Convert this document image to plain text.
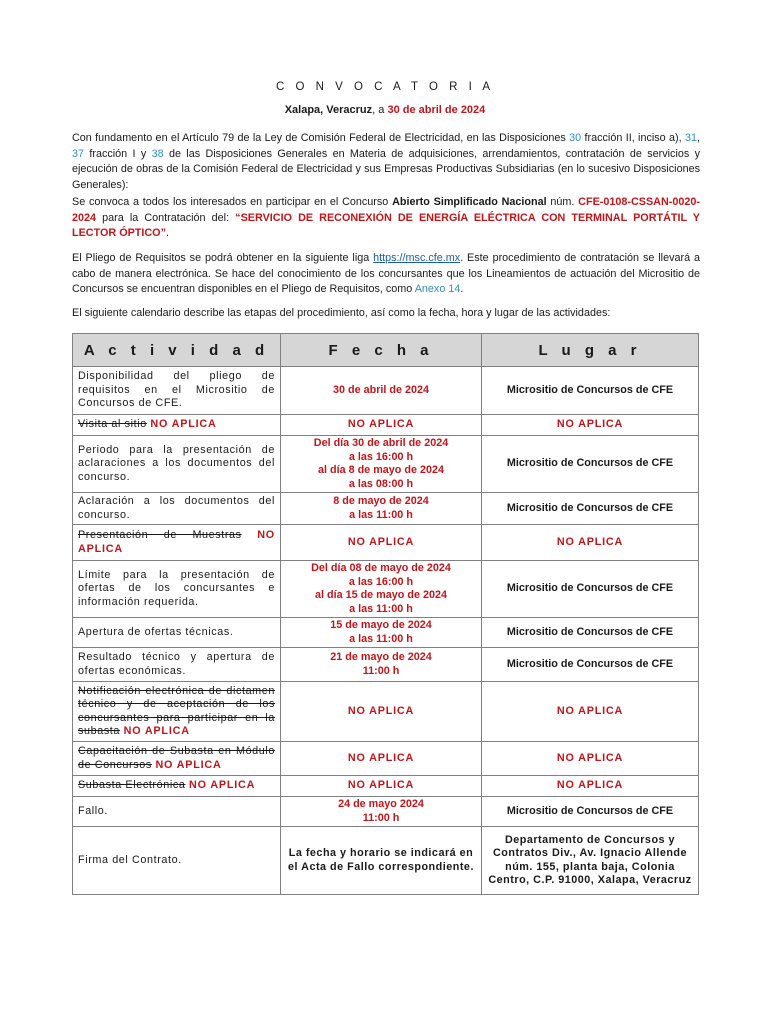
C O N V O C A T O R I A
Xalapa, Veracruz, a 30 de abril de 2024
Con fundamento en el Artículo 79 de la Ley de Comisión Federal de Electricidad, en las Disposiciones 30 fracción II, inciso a), 31, 37 fracción I y 38 de las Disposiciones Generales en Materia de adquisiciones, arrendamientos, contratación de servicios y ejecución de obras de la Comisión Federal de Electricidad y sus Empresas Productivas Subsidiarias (en lo sucesivo Disposiciones Generales):
Se convoca a todos los interesados en participar en el Concurso Abierto Simplificado Nacional núm. CFE-0108-CSSAN-0020-2024 para la Contratación del: “SERVICIO DE RECONEXIÓN DE ENERGÍA ELÉCTRICA CON TERMINAL PORTÁTIL Y LECTOR ÓPTICO”.
El Pliego de Requisitos se podrá obtener en la siguiente liga https://msc.cfe.mx. Este procedimiento de contratación se llevará a cabo de manera electrónica. Se hace del conocimiento de los concursantes que los Lineamientos de actuación del Micrositio de Concursos se encuentran disponibles en el Pliego de Requisitos, como Anexo 14.
El siguiente calendario describe las etapas del procedimiento, así como la fecha, hora y lugar de las actividades:
A c t i v i d a d	F e c h a	L u g a r
Disponibilidad del pliego de requisitos en el Micrositio de Concursos de CFE.	30 de abril de 2024	Micrositio de Concursos de CFE
Visita al sitio NO APLICA	NO APLICA	NO APLICA
Periodo para la presentación de aclaraciones a los documentos del concurso.	Del día 30 de abril de 2024
a las 16:00 h
al día 8 de mayo de 2024
a las 08:00 h	Micrositio de Concursos de CFE
Aclaración a los documentos del concurso.	8 de mayo de 2024
a las 11:00 h	Micrositio de Concursos de CFE
Presentación de Muestras NO APLICA	NO APLICA	NO APLICA
Límite para la presentación de ofertas de los concursantes e información requerida.	Del día 08 de mayo de 2024
a las 16:00 h
al día 15 de mayo de 2024
a las 11:00 h	Micrositio de Concursos de CFE
Apertura de ofertas técnicas.	15 de mayo de 2024
a las 11:00 h	Micrositio de Concursos de CFE
Resultado técnico y apertura de ofertas económicas.	21 de mayo de 2024
11:00 h	Micrositio de Concursos de CFE
Notificación electrónica de dictamen técnico y de aceptación de los concursantes para participar en la subasta NO APLICA	NO APLICA	NO APLICA
Capacitación de Subasta en Módulo de Concursos NO APLICA	NO APLICA	NO APLICA
Subasta Electrónica NO APLICA	NO APLICA	NO APLICA
Fallo.	24 de mayo 2024
11:00 h	Micrositio de Concursos de CFE
Firma del Contrato.	La fecha y horario se indicará en el Acta de Fallo correspondiente.	Departamento de Concursos y Contratos Div., Av. Ignacio Allende núm. 155, planta baja, Colonia Centro, C.P. 91000, Xalapa, Veracruz
